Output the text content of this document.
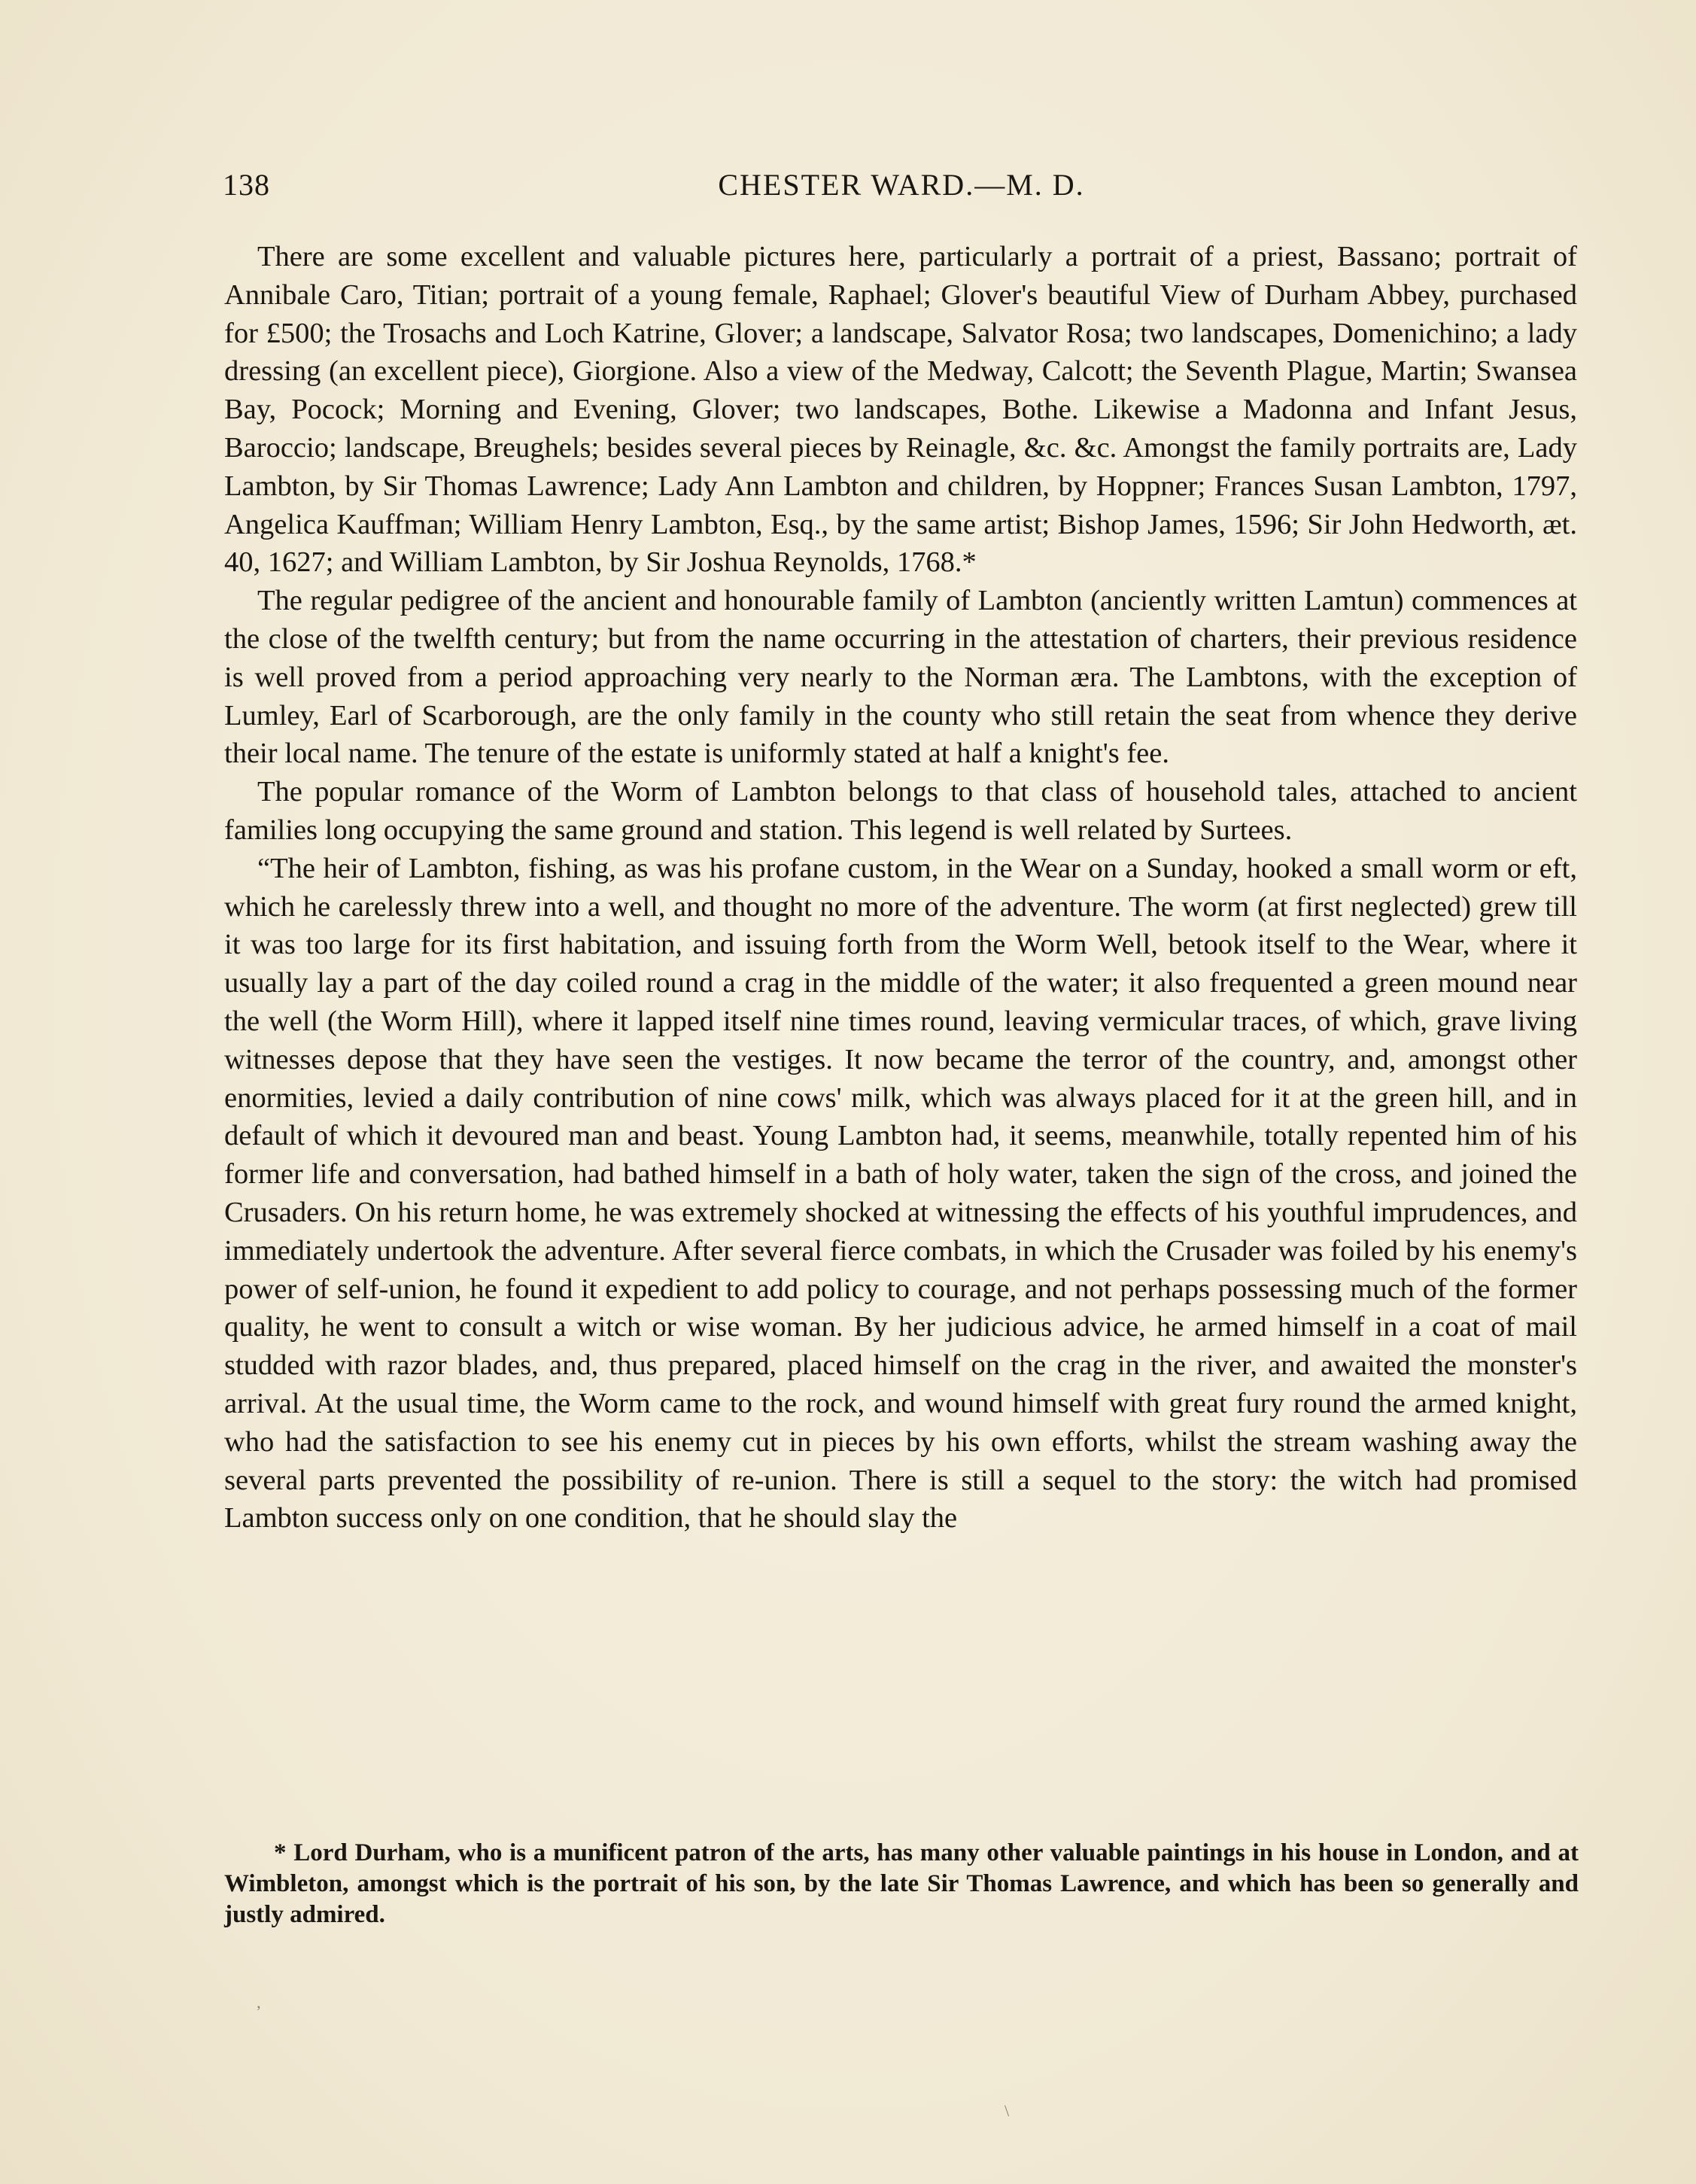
138	CHESTER WARD.—M. D.

There are some excellent and valuable pictures here, particularly a portrait of a priest, Bassano; portrait of Annibale Caro, Titian; portrait of a young female, Raphael; Glover's beautiful View of Durham Abbey, purchased for £500; the Trosachs and Loch Katrine, Glover; a landscape, Salvator Rosa; two landscapes, Domenichino; a lady dressing (an excellent piece), Giorgione. Also a view of the Medway, Calcott; the Seventh Plague, Martin; Swansea Bay, Pocock; Morning and Evening, Glover; two landscapes, Bothe. Likewise a Madonna and Infant Jesus, Baroccio; landscape, Breughels; besides several pieces by Reinagle, &c. &c. Amongst the family portraits are, Lady Lambton, by Sir Thomas Lawrence; Lady Ann Lambton and children, by Hoppner; Frances Susan Lambton, 1797, Angelica Kauffman; William Henry Lambton, Esq., by the same artist; Bishop James, 1596; Sir John Hedworth, æt. 40, 1627; and William Lambton, by Sir Joshua Reynolds, 1768.*

The regular pedigree of the ancient and honourable family of Lambton (anciently written Lamtun) commences at the close of the twelfth century; but from the name occurring in the attestation of charters, their previous residence is well proved from a period approaching very nearly to the Norman æra. The Lambtons, with the exception of Lumley, Earl of Scarborough, are the only family in the county who still retain the seat from whence they derive their local name. The tenure of the estate is uniformly stated at half a knight's fee.

The popular romance of the Worm of Lambton belongs to that class of household tales, attached to ancient families long occupying the same ground and station. This legend is well related by Surtees.

“The heir of Lambton, fishing, as was his profane custom, in the Wear on a Sunday, hooked a small worm or eft, which he carelessly threw into a well, and thought no more of the adventure. The worm (at first neglected) grew till it was too large for its first habitation, and issuing forth from the Worm Well, betook itself to the Wear, where it usually lay a part of the day coiled round a crag in the middle of the water; it also frequented a green mound near the well (the Worm Hill), where it lapped itself nine times round, leaving vermicular traces, of which, grave living witnesses depose that they have seen the vestiges. It now became the terror of the country, and, amongst other enormities, levied a daily contribution of nine cows' milk, which was always placed for it at the green hill, and in default of which it devoured man and beast. Young Lambton had, it seems, meanwhile, totally repented him of his former life and conversation, had bathed himself in a bath of holy water, taken the sign of the cross, and joined the Crusaders. On his return home, he was extremely shocked at witnessing the effects of his youthful imprudences, and immediately undertook the adventure. After several fierce combats, in which the Crusader was foiled by his enemy's power of self-union, he found it expedient to add policy to courage, and not perhaps possessing much of the former quality, he went to consult a witch or wise woman. By her judicious advice, he armed himself in a coat of mail studded with razor blades, and, thus prepared, placed himself on the crag in the river, and awaited the monster's arrival. At the usual time, the Worm came to the rock, and wound himself with great fury round the armed knight, who had the satisfaction to see his enemy cut in pieces by his own efforts, whilst the stream washing away the several parts prevented the possibility of re-union. There is still a sequel to the story: the witch had promised Lambton success only on one condition, that he should slay the

* Lord Durham, who is a munificent patron of the arts, has many other valuable paintings in his house in London, and at Wimbleton, amongst which is the portrait of his son, by the late Sir Thomas Lawrence, and which has been so generally and justly admired.

’
\
